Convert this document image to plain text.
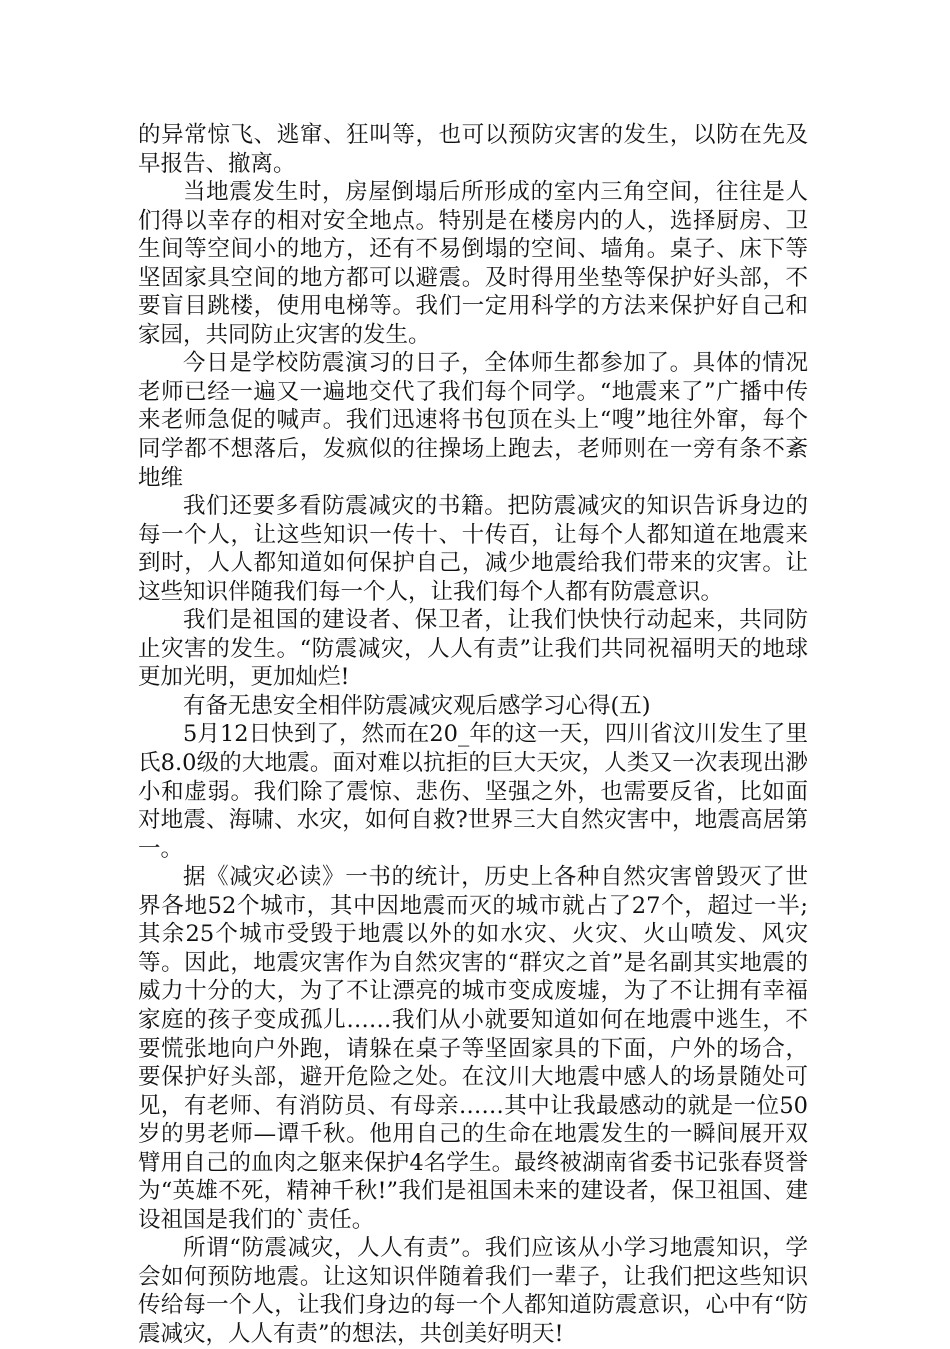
的异常惊飞、逃窜、狂叫等，也可以预防灾害的发生，以防在先及早报告、撤离。

当地震发生时，房屋倒塌后所形成的室内三角空间，往往是人们得以幸存的相对安全地点。特别是在楼房内的人，选择厨房、卫生间等空间小的地方，还有不易倒塌的空间、墙角。桌子、床下等坚固家具空间的地方都可以避震。及时得用坐垫等保护好头部，不要盲目跳楼，使用电梯等。我们一定用科学的方法来保护好自己和家园，共同防止灾害的发生。

今日是学校防震演习的日子，全体师生都参加了。具体的情况老师已经一遍又一遍地交代了我们每个同学。“地震来了”广播中传来老师急促的喊声。我们迅速将书包顶在头上“嗖”地往外窜，每个同学都不想落后，发疯似的往操场上跑去，老师则在一旁有条不紊地维

我们还要多看防震减灾的书籍。把防震减灾的知识告诉身边的每一个人，让这些知识一传十、十传百，让每个人都知道在地震来到时，人人都知道如何保护自己，减少地震给我们带来的灾害。让这些知识伴随我们每一个人，让我们每个人都有防震意识。

我们是祖国的建设者、保卫者，让我们快快行动起来，共同防止灾害的发生。“防震减灾，人人有责”让我们共同祝福明天的地球更加光明，更加灿烂!

有备无患安全相伴防震减灾观后感学习心得(五)

5月12日快到了，然而在20_年的这一天，四川省汶川发生了里氏8.0级的大地震。面对难以抗拒的巨大天灾，人类又一次表现出渺小和虚弱。我们除了震惊、悲伤、坚强之外，也需要反省，比如面对地震、海啸、水灾，如何自救?世界三大自然灾害中，地震高居第一。

据《减灾必读》一书的统计，历史上各种自然灾害曾毁灭了世界各地52个城市，其中因地震而灭的城市就占了27个，超过一半;其余25个城市受毁于地震以外的如水灾、火灾、火山喷发、风灾等。因此，地震灾害作为自然灾害的“群灾之首”是名副其实地震的威力十分的大，为了不让漂亮的城市变成废墟，为了不让拥有幸福家庭的孩子变成孤儿……我们从小就要知道如何在地震中逃生，不要慌张地向户外跑，请躲在桌子等坚固家具的下面，户外的场合，要保护好头部，避开危险之处。在汶川大地震中感人的场景随处可见，有老师、有消防员、有母亲……其中让我最感动的就是一位50岁的男老师—谭千秋。他用自己的生命在地震发生的一瞬间展开双臂用自己的血肉之躯来保护4名学生。最终被湖南省委书记张春贤誉为“英雄不死，精神千秋!”我们是祖国未来的建设者，保卫祖国、建设祖国是我们的`责任。

所谓“防震减灾，人人有责”。我们应该从小学习地震知识，学会如何预防地震。让这知识伴随着我们一辈子，让我们把这些知识传给每一个人，让我们身边的每一个人都知道防震意识，心中有“防震减灾，人人有责”的想法，共创美好明天!
